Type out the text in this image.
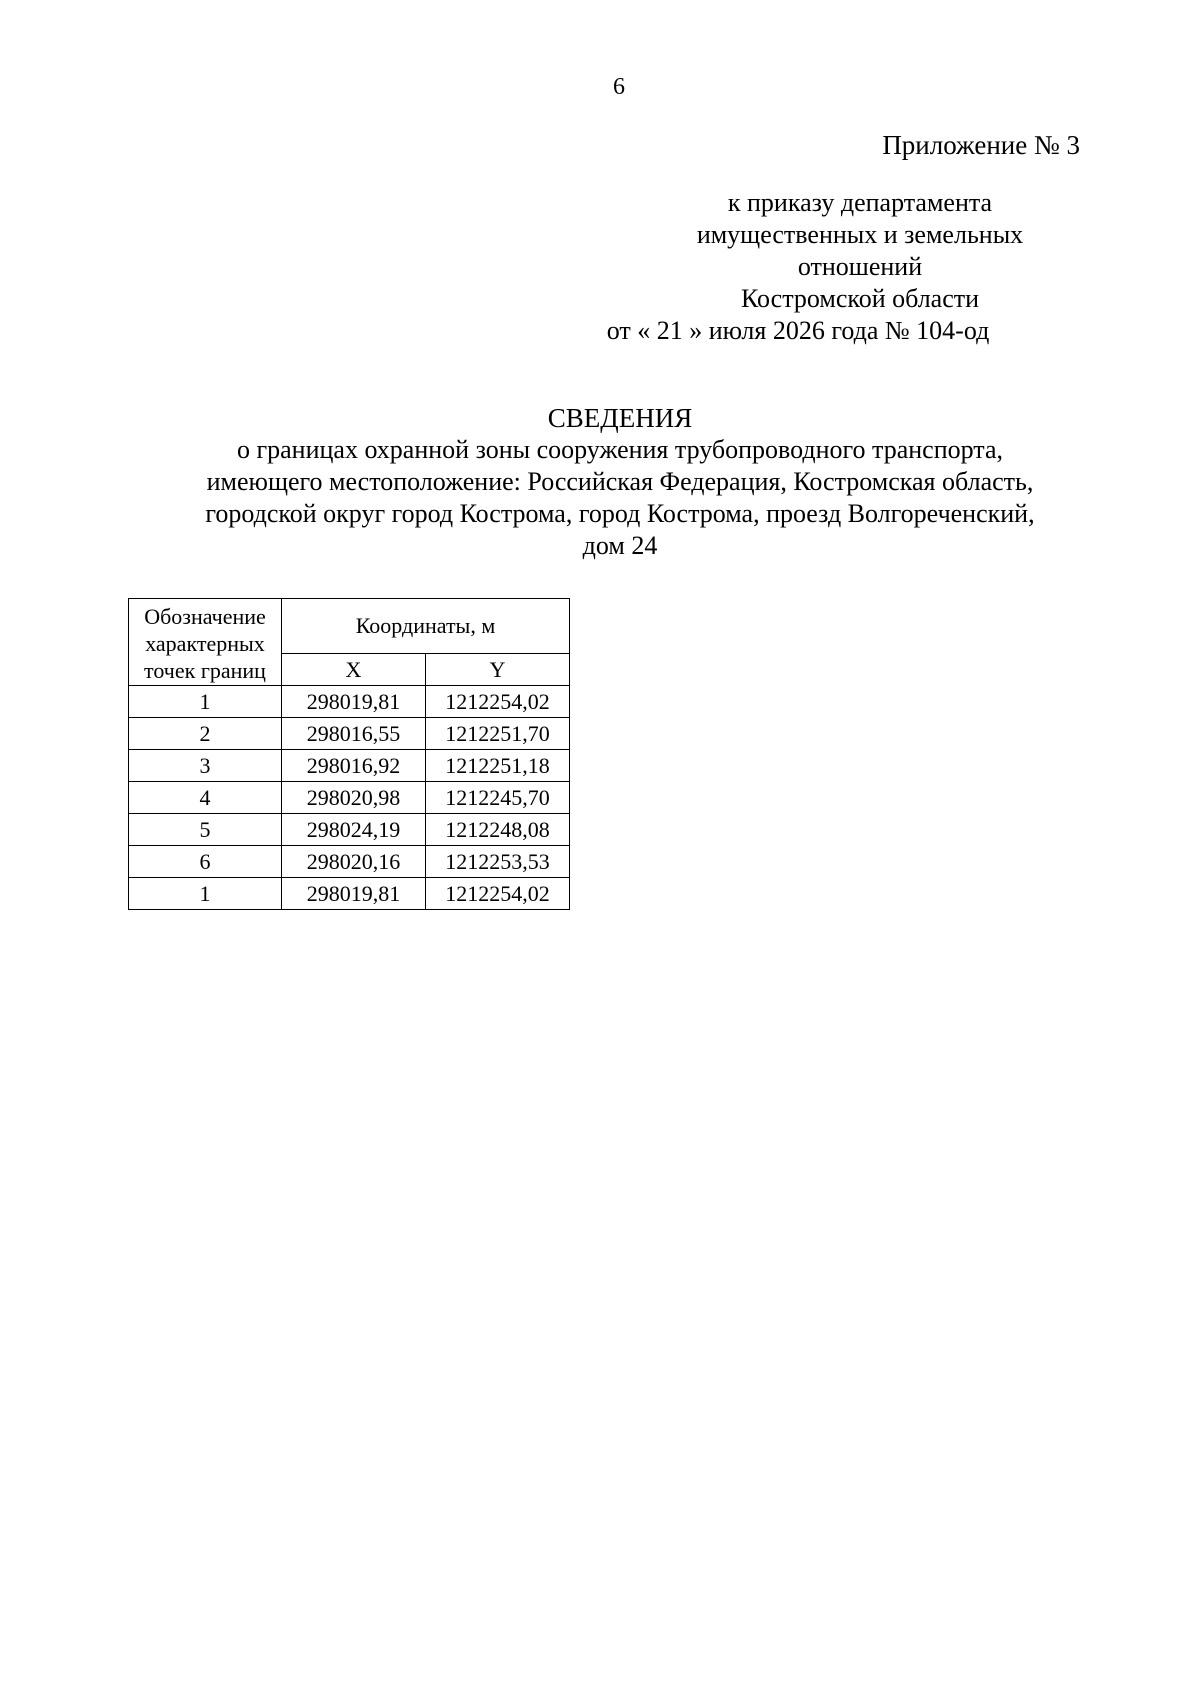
6
Приложение № 3
к приказу департамента
имущественных и земельных
отношений
Костромской области
от « 21 » июля 2026 года № 104-од
СВЕДЕНИЯ
о границах охранной зоны сооружения трубопроводного транспорта,
имеющего местоположение: Российская Федерация, Костромская область,
городской округ город Кострома, город Кострома, проезд Волгореченский,
дом 24
Обозначение
характерных
точек границ	Координаты, м	
	X	Y
1	298019,81	1212254,02
2	298016,55	1212251,70
3	298016,92	1212251,18
4	298020,98	1212245,70
5	298024,19	1212248,08
6	298020,16	1212253,53
1	298019,81	1212254,02
